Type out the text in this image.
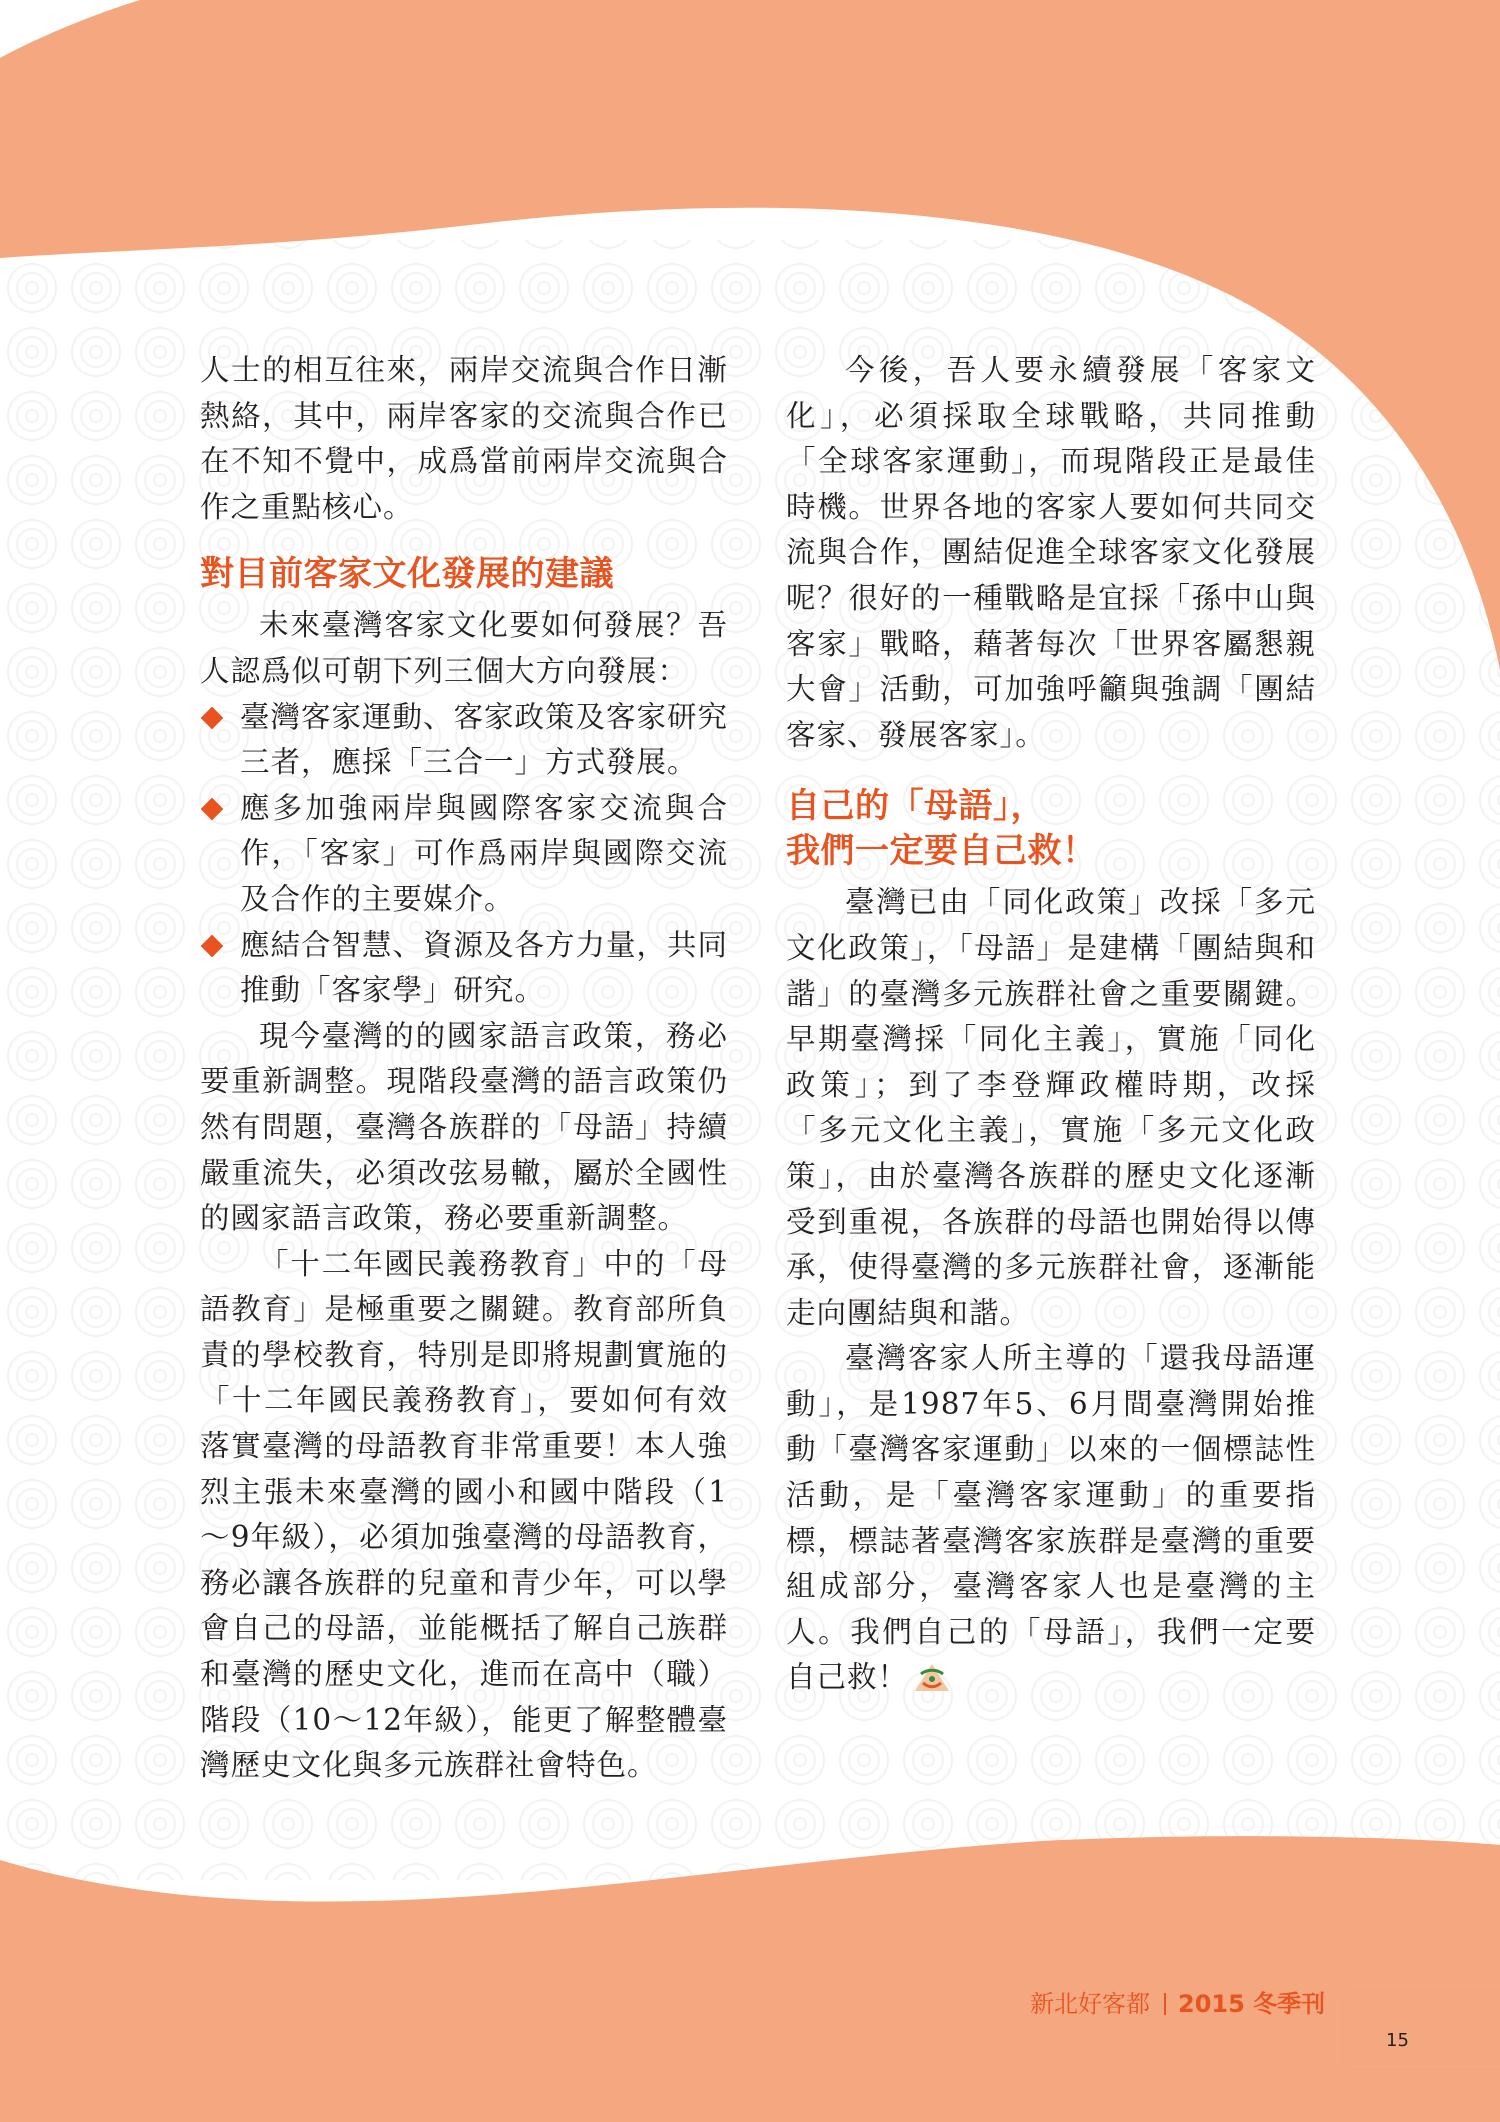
人士的相互往來，兩岸交流與合作日漸熱絡，其中，兩岸客家的交流與合作已在不知不覺中，成爲當前兩岸交流與合作之重點核心。

對目前客家文化發展的建議

未來臺灣客家文化要如何發展？吾人認爲似可朝下列三個大方向發展：

臺灣客家運動、客家政策及客家研究三者，應採「三合一」方式發展。
應多加強兩岸與國際客家交流與合作，「客家」可作爲兩岸與國際交流及合作的主要媒介。
應結合智慧、資源及各方力量，共同推動「客家學」研究。

現今臺灣的的國家語言政策，務必要重新調整。現階段臺灣的語言政策仍然有問題，臺灣各族群的「母語」持續嚴重流失，必須改弦易轍，屬於全國性的國家語言政策，務必要重新調整。

「十二年國民義務教育」中的「母語教育」是極重要之關鍵。教育部所負責的學校教育，特別是即將規劃實施的「十二年國民義務教育」，要如何有效落實臺灣的母語教育非常重要！本人強烈主張未來臺灣的國小和國中階段（1～9年級），必須加強臺灣的母語教育，務必讓各族群的兒童和青少年，可以學會自己的母語，並能概括了解自己族群和臺灣的歷史文化，進而在高中（職）階段（10～12年級），能更了解整體臺灣歷史文化與多元族群社會特色。

今後，吾人要永續發展「客家文化」，必須採取全球戰略，共同推動「全球客家運動」，而現階段正是最佳時機。世界各地的客家人要如何共同交流與合作，團結促進全球客家文化發展呢？很好的一種戰略是宜採「孫中山與客家」戰略，藉著每次「世界客屬懇親大會」活動，可加強呼籲與強調「團結客家、發展客家」。

自己的「母語」，
我們一定要自己救！

臺灣已由「同化政策」改採「多元文化政策」，「母語」是建構「團結與和諧」的臺灣多元族群社會之重要關鍵。早期臺灣採「同化主義」，實施「同化政策」；到了李登輝政權時期，改採「多元文化主義」，實施「多元文化政策」，由於臺灣各族群的歷史文化逐漸受到重視，各族群的母語也開始得以傳承，使得臺灣的多元族群社會，逐漸能走向團結與和諧。

臺灣客家人所主導的「還我母語運動」，是1987年5、6月間臺灣開始推動「臺灣客家運動」以來的一個標誌性活動，是「臺灣客家運動」的重要指標，標誌著臺灣客家族群是臺灣的重要組成部分，臺灣客家人也是臺灣的主人。我們自己的「母語」，我們一定要自己救！

新北好客都 2015 冬季刊
15
